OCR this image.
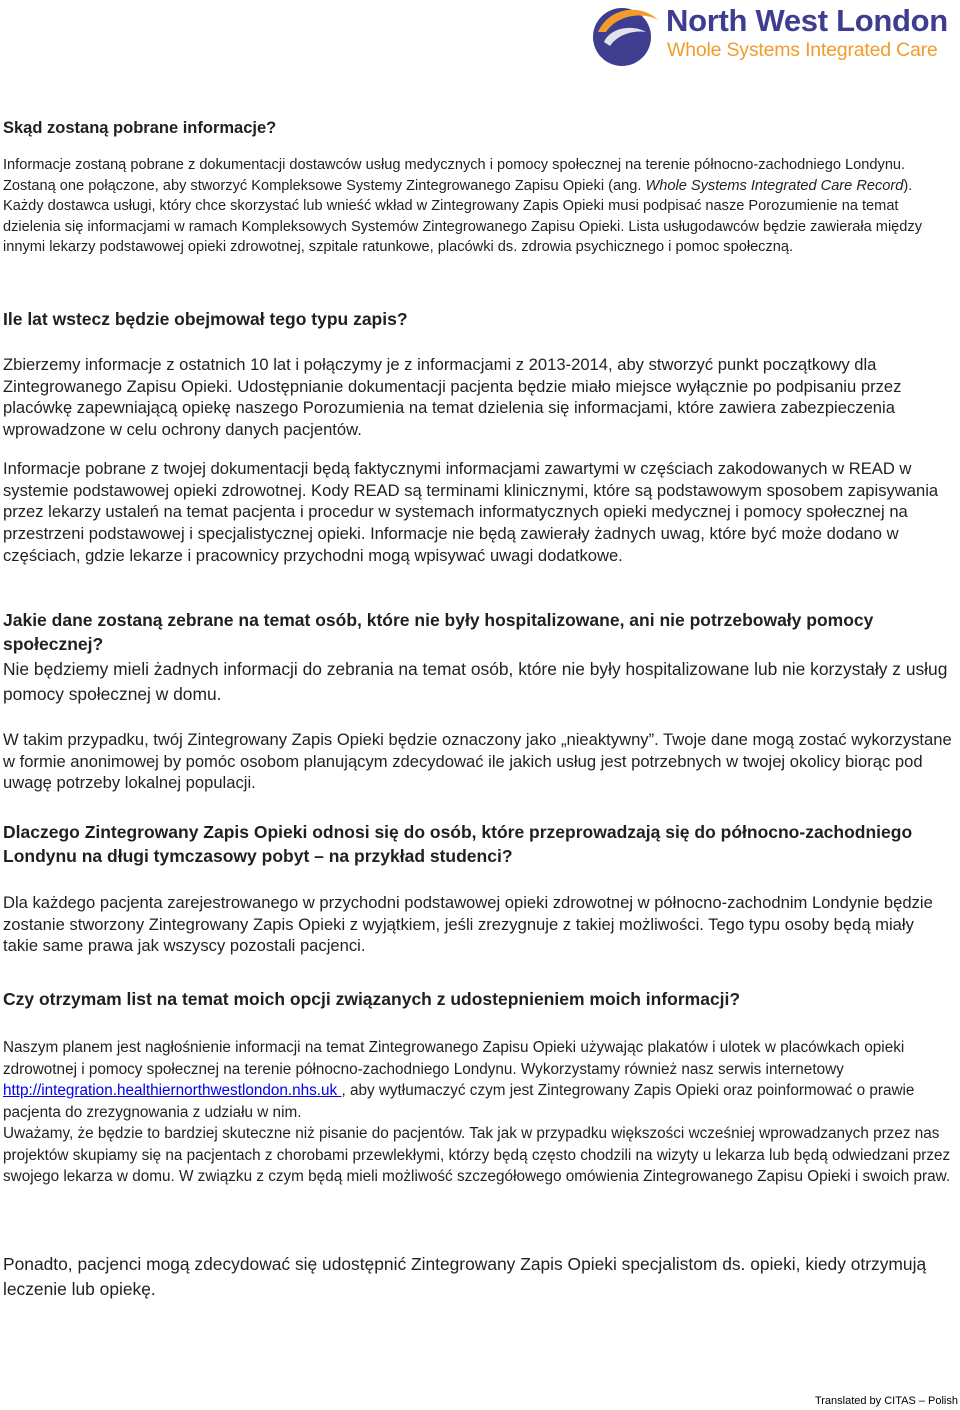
North West London
Whole Systems Integrated Care

Skąd zostaną pobrane informacje?

Informacje zostaną pobrane z dokumentacji dostawców usług medycznych i pomocy społecznej na terenie północno-zachodniego Londynu. Zostaną one połączone, aby stworzyć Kompleksowe Systemy Zintegrowanego Zapisu Opieki (ang. Whole Systems Integrated Care Record). Każdy dostawca usługi, który chce skorzystać lub wnieść wkład w Zintegrowany Zapis Opieki musi podpisać nasze Porozumienie na temat dzielenia się informacjami w ramach Kompleksowych Systemów Zintegrowanego Zapisu Opieki. Lista usługodawców będzie zawierała między innymi lekarzy podstawowej opieki zdrowotnej, szpitale ratunkowe, placówki ds. zdrowia psychicznego i pomoc społeczną.

Ile lat wstecz będzie obejmował tego typu zapis?

Zbierzemy informacje z ostatnich 10 lat i połączymy je z informacjami z 2013-2014, aby stworzyć punkt początkowy dla Zintegrowanego Zapisu Opieki. Udostępnianie dokumentacji pacjenta będzie miało miejsce wyłącznie po podpisaniu przez placówkę zapewniającą opiekę naszego Porozumienia na temat dzielenia się informacjami, które zawiera zabezpieczenia wprowadzone w celu ochrony danych pacjentów.

Informacje pobrane z twojej dokumentacji będą faktycznymi informacjami zawartymi w częściach zakodowanych w READ w systemie podstawowej opieki zdrowotnej. Kody READ są terminami klinicznymi, które są podstawowym sposobem zapisywania przez lekarzy ustaleń na temat pacjenta i procedur w systemach informatycznych opieki medycznej i pomocy społecznej na przestrzeni podstawowej i specjalistycznej opieki. Informacje nie będą zawierały żadnych uwag, które być może dodano w częściach, gdzie lekarze i pracownicy przychodni mogą wpisywać uwagi dodatkowe.

Jakie dane zostaną zebrane na temat osób, które nie były hospitalizowane, ani nie potrzebowały pomocy społecznej?

Nie będziemy mieli żadnych informacji do zebrania na temat osób, które nie były hospitalizowane lub nie korzystały z usług pomocy społecznej w domu.

W takim przypadku, twój Zintegrowany Zapis Opieki będzie oznaczony jako „nieaktywny”. Twoje dane mogą zostać wykorzystane w formie anonimowej by pomóc osobom planującym zdecydować ile jakich usług jest potrzebnych w twojej okolicy biorąc pod uwagę potrzeby lokalnej populacji.

Dlaczego Zintegrowany Zapis Opieki odnosi się do osób, które przeprowadzają się do północno-zachodniego Londynu na długi tymczasowy pobyt – na przykład studenci?

Dla każdego pacjenta zarejestrowanego w przychodni podstawowej opieki zdrowotnej w północno-zachodnim Londynie będzie zostanie stworzony Zintegrowany Zapis Opieki z wyjątkiem, jeśli zrezygnuje z takiej możliwości. Tego typu osoby będą miały takie same prawa jak wszyscy pozostali pacjenci.

Czy otrzymam list na temat moich opcji związanych z udostepnieniem moich informacji?

Naszym planem jest nagłośnienie informacji na temat Zintegrowanego Zapisu Opieki używając plakatów i ulotek w placówkach opieki zdrowotnej i pomocy społecznej na terenie północno-zachodniego Londynu. Wykorzystamy również nasz serwis internetowy http://integration.healthiernorthwestlondon.nhs.uk , aby wytłumaczyć czym jest Zintegrowany Zapis Opieki oraz poinformować o prawie pacjenta do zrezygnowania z udziału w nim.

Uważamy, że będzie to bardziej skuteczne niż pisanie do pacjentów. Tak jak w przypadku większości wcześniej wprowadzanych przez nas projektów skupiamy się na pacjentach z chorobami przewlekłymi, którzy będą często chodzili na wizyty u lekarza lub będą odwiedzani przez swojego lekarza w domu. W związku z czym będą mieli możliwość szczegółowego omówienia Zintegrowanego Zapisu Opieki i swoich praw.

Ponadto, pacjenci mogą zdecydować się udostępnić Zintegrowany Zapis Opieki specjalistom ds. opieki, kiedy otrzymują leczenie lub opiekę.

Translated by CITAS – Polish
